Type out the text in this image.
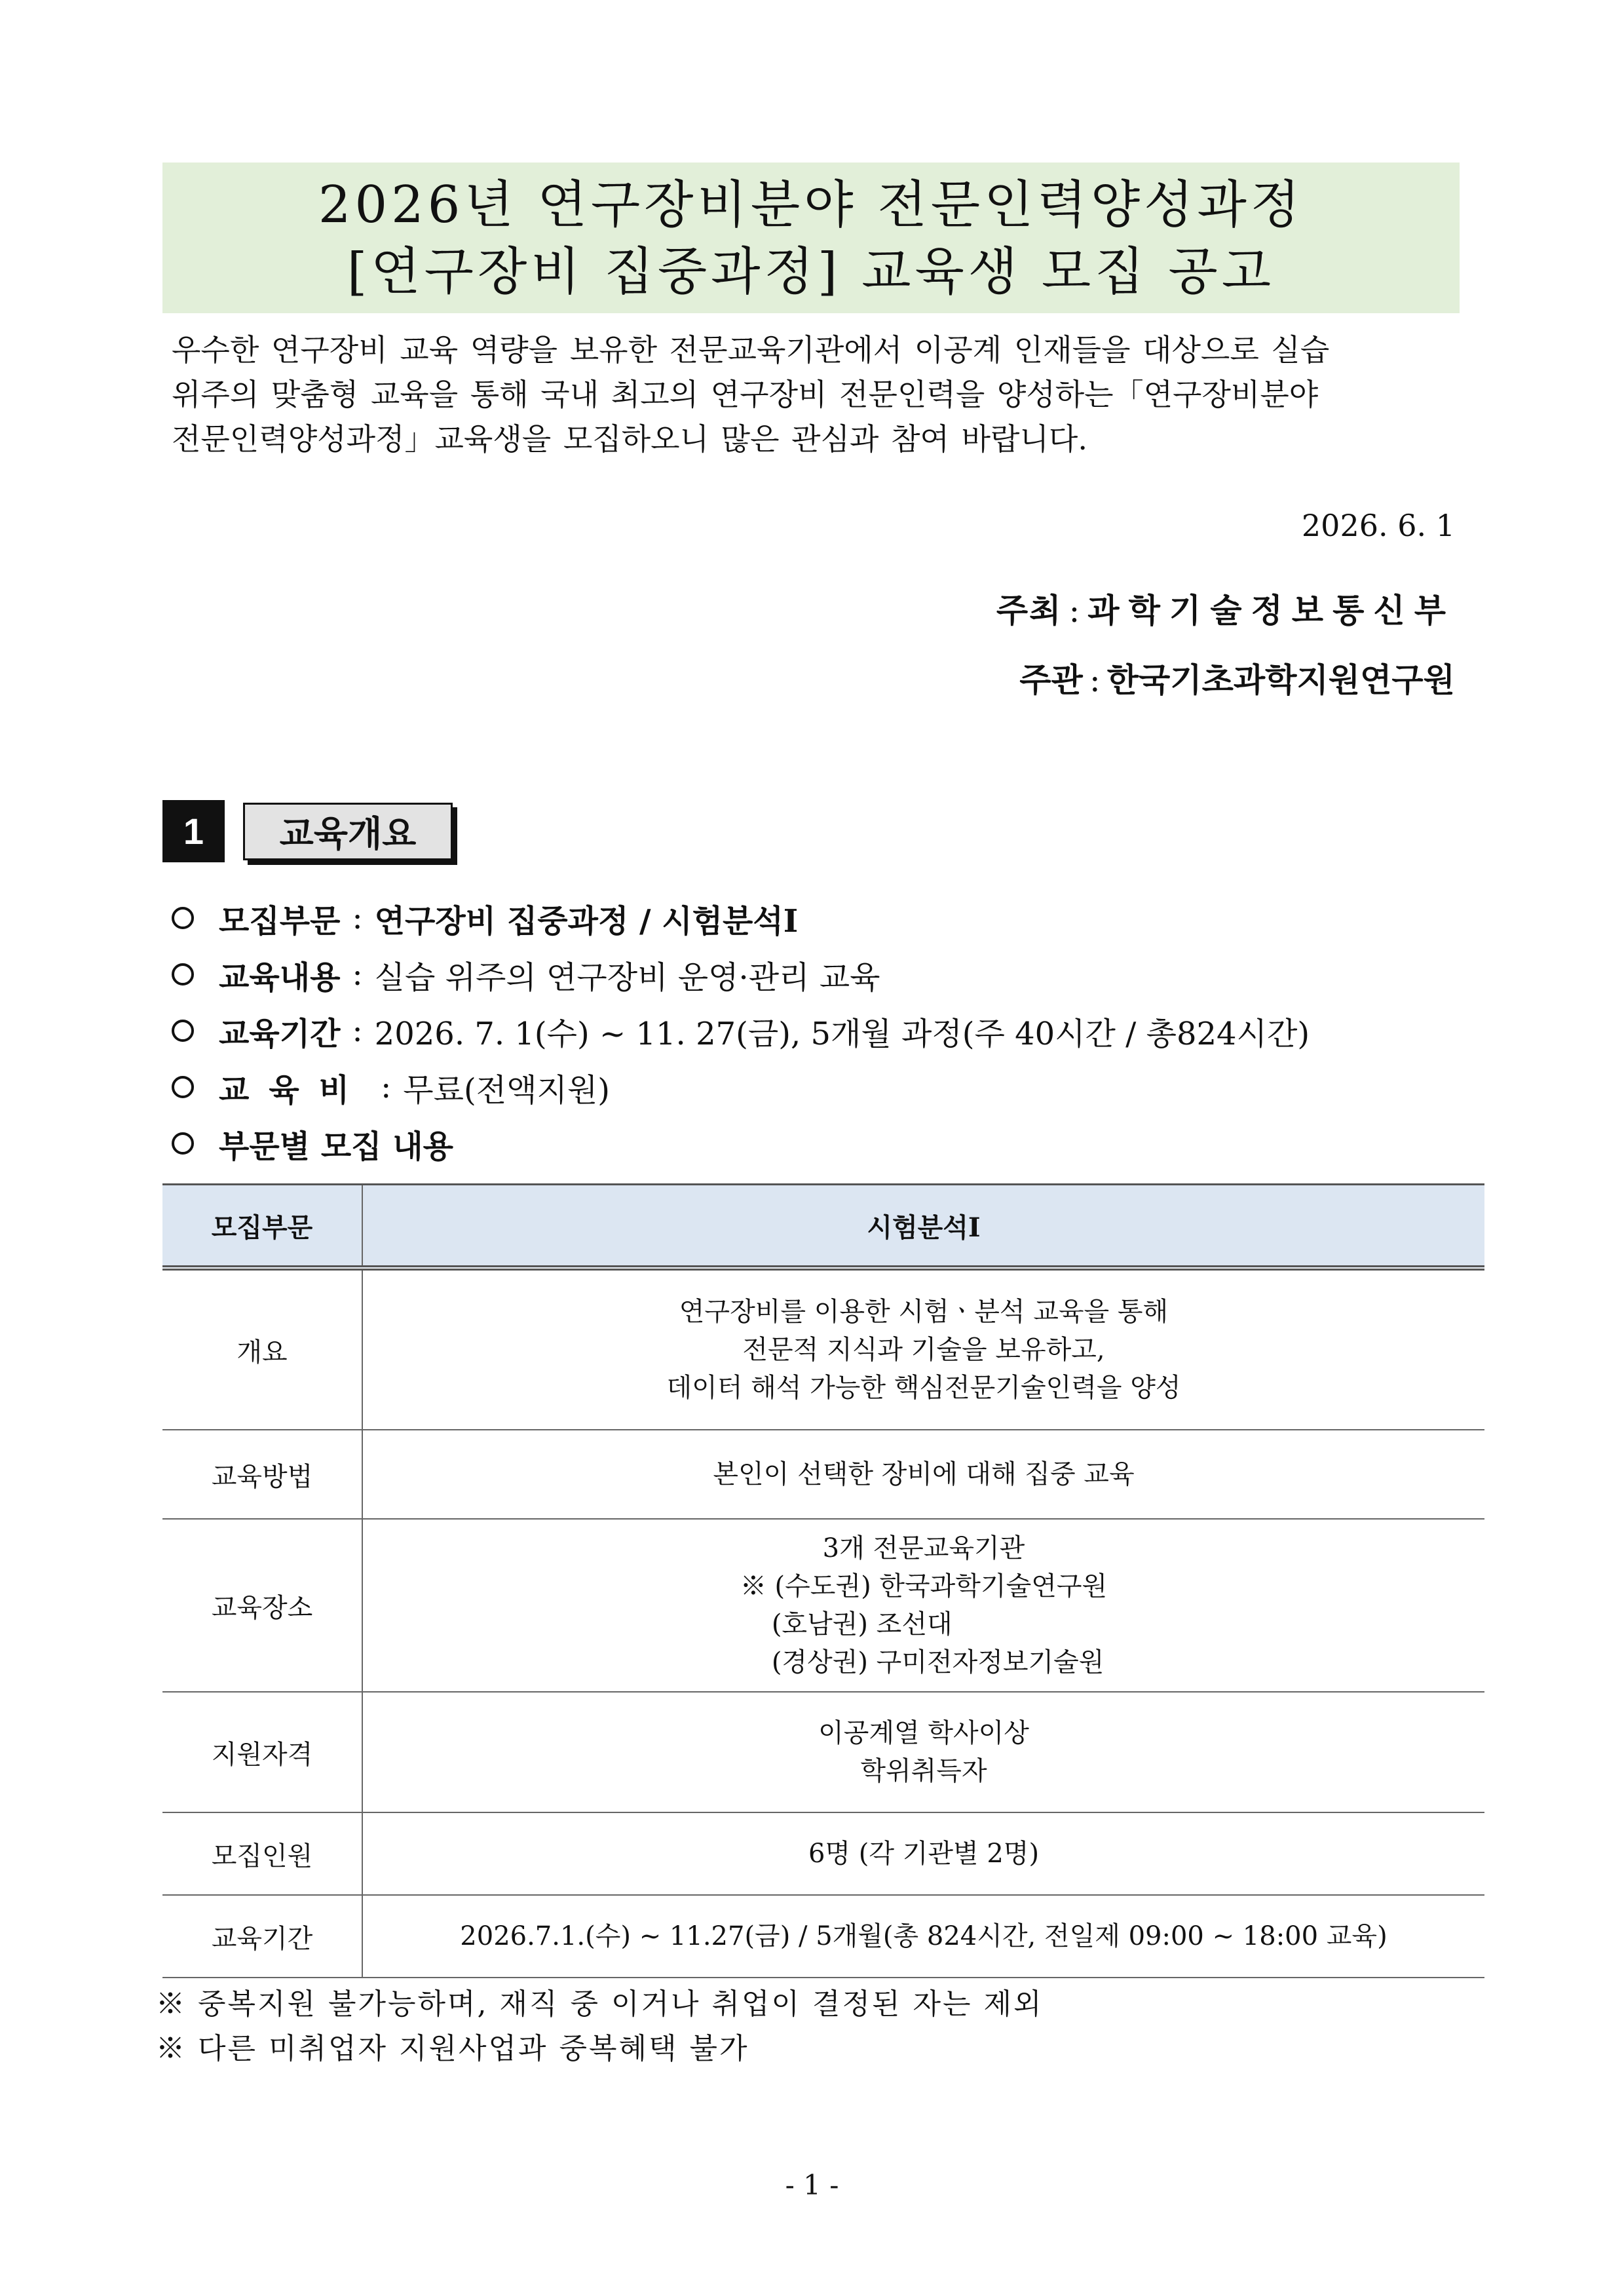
2026년 연구장비분야 전문인력양성과정
[연구장비 집중과정] 교육생 모집 공고

우수한 연구장비 교육 역량을 보유한 전문교육기관에서 이공계 인재들을 대상으로 실습

위주의 맞춤형 교육을 통해 국내 최고의 연구장비 전문인력을 양성하는「연구장비분야

전문인력양성과정」교육생을 모집하오니 많은 관심과 참여 바랍니다.

2026. 6. 1
주최 : 과학기술정보통신부
주관 : 한국기초과학지원연구원
1	교육개요
모집부문 : 연구장비 집중과정 / 시험분석Ⅰ
교육내용 : 실습 위주의 연구장비 운영·관리 교육
교육기간 : 2026. 7. 1(수) ~ 11. 27(금), 5개월 과정(주 40시간 / 총824시간)
교육비 : 무료(전액지원)
부문별 모집 내용
모집부문	시험분석Ⅰ
개요	연구장비를 이용한 시험ㆍ분석 교육을 통해
전문적 지식과 기술을 보유하고,
데이터 해석 가능한 핵심전문기술인력을 양성

교육방법	본인이 선택한 장비에 대해 집중 교육
교육장소	3개 전문교육기관
※ (수도권) 한국과학기술연구원
(호남권) 조선대
(경상권) 구미전자정보기술원

지원자격	이공계열 학사이상
학위취득자

모집인원	6명 (각 기관별 2명)
교육기간	2026.7.1.(수) ~ 11.27(금) / 5개월(총 824시간, 전일제 09:00 ~ 18:00 교육)

※ 중복지원 불가능하며, 재직 중 이거나 취업이 결정된 자는 제외

※ 다른 미취업자 지원사업과 중복혜택 불가

- 1 -
